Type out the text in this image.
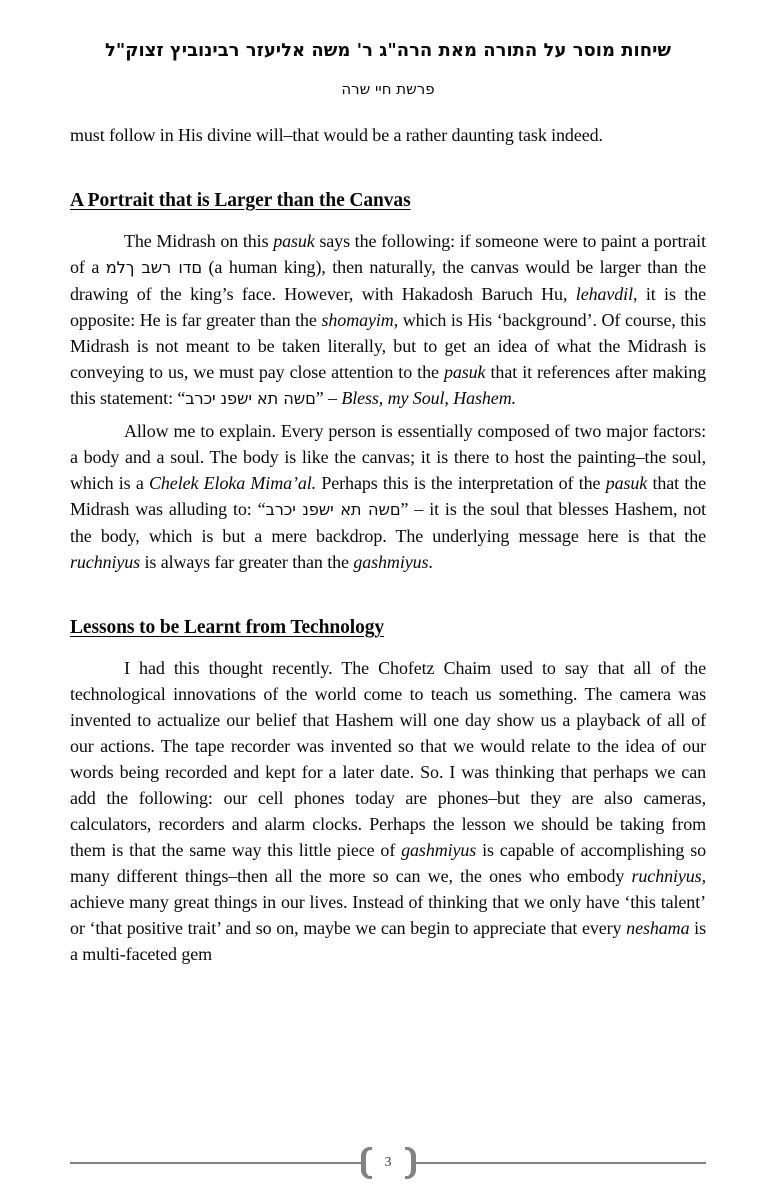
שיחות מוסר על התורה מאת הרה"ג ר' משה אליעזר רבינוביץ זצוק"ל
פרשת חיי שרה

must follow in His divine will–that would be a rather daunting task indeed.

A Portrait that is Larger than the Canvas

The Midrash on this pasuk says the following: if someone were to paint a portrait of a מלך בשר ודם (a human king), then naturally, the canvas would be larger than the drawing of the king’s face. However, with Hakadosh Baruch Hu, lehavdil, it is the opposite: He is far greater than the shomayim, which is His ‘background’. Of course, this Midrash is not meant to be taken literally, but to get an idea of what the Midrash is conveying to us, we must pay close attention to the pasuk that it references after making this statement: “ברכי נפשי את השם” – Bless, my Soul, Hashem.

Allow me to explain. Every person is essentially composed of two major factors: a body and a soul. The body is like the canvas; it is there to host the painting–the soul, which is a Chelek Eloka Mima’al. Perhaps this is the interpretation of the pasuk that the Midrash was alluding to: “ברכי נפשי את השם” – it is the soul that blesses Hashem, not the body, which is but a mere backdrop. The underlying message here is that the ruchniyus is always far greater than the gashmiyus.

Lessons to be Learnt from Technology

I had this thought recently. The Chofetz Chaim used to say that all of the technological innovations of the world come to teach us something. The camera was invented to actualize our belief that Hashem will one day show us a playback of all of our actions. The tape recorder was invented so that we would relate to the idea of our words being recorded and kept for a later date. So. I was thinking that perhaps we can add the following: our cell phones today are phones–but they are also cameras, calculators, recorders and alarm clocks. Perhaps the lesson we should be taking from them is that the same way this little piece of gashmiyus is capable of accomplishing so many different things–then all the more so can we, the ones who embody ruchniyus, achieve many great things in our lives. Instead of thinking that we only have ‘this talent’ or ‘that positive trait’ and so on, maybe we can begin to appreciate that every neshama is a multi-faceted gem

3
